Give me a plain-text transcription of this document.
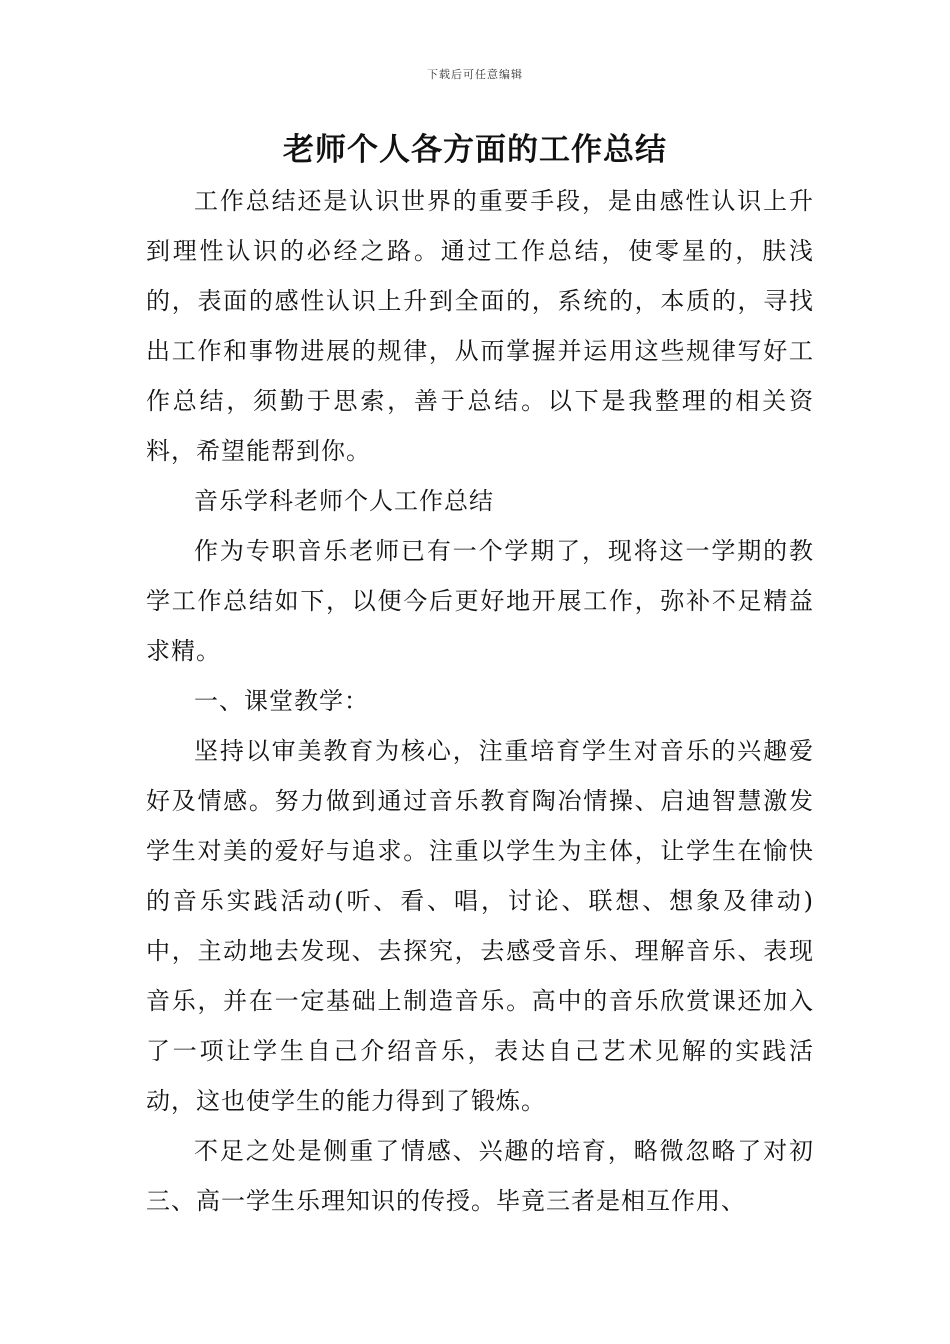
下载后可任意编辑
老师个人各方面的工作总结

工作总结还是认识世界的重要手段，是由感性认识上升到理性认识的必经之路。通过工作总结，使零星的，肤浅的，表面的感性认识上升到全面的，系统的，本质的，寻找出工作和事物进展的规律，从而掌握并运用这些规律写好工作总结，须勤于思索，善于总结。以下是我整理的相关资料，希望能帮到你。

音乐学科老师个人工作总结

作为专职音乐老师已有一个学期了，现将这一学期的教学工作总结如下，以便今后更好地开展工作，弥补不足精益求精。

一、课堂教学：

坚持以审美教育为核心，注重培育学生对音乐的兴趣爱好及情感。努力做到通过音乐教育陶冶情操、启迪智慧激发学生对美的爱好与追求。注重以学生为主体，让学生在愉快的音乐实践活动(听、看、唱，讨论、联想、想象及律动)中，主动地去发现、去探究，去感受音乐、理解音乐、表现音乐，并在一定基础上制造音乐。高中的音乐欣赏课还加入了一项让学生自己介绍音乐，表达自己艺术见解的实践活动，这也使学生的能力得到了锻炼。

不足之处是侧重了情感、兴趣的培育，略微忽略了对初三、高一学生乐理知识的传授。毕竟三者是相互作用、
